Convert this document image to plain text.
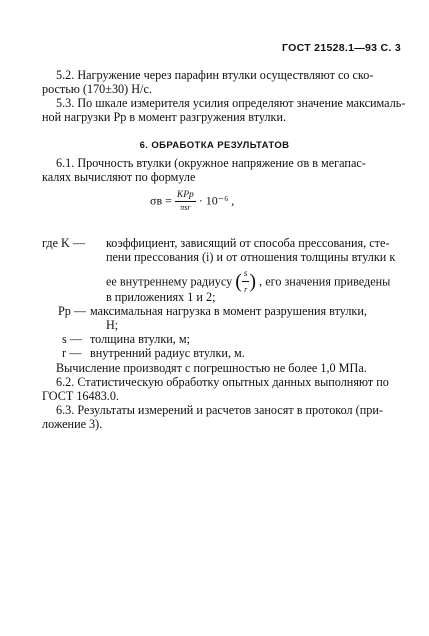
ГОСТ 21528.1—93 С. 3
5.2. Нагружение через парафин втулки осуществляют со ско-
ростью (170±30) Н/с.
5.3. По шкале измерителя усилия определяют значение максималь-
ной нагрузки Pр в момент разгружения втулки.
6. ОБРАБОТКА РЕЗУЛЬТАТОВ
6.1. Прочность втулки (окружное напряжение σв в мегапас-
калях вычисляют по формуле
$\sigma в = \frac{\text{KPр}}{\text{πsr}} \cdot 10^{-6}$ ,
где K — коэффициент, зависящий от способа прессования, сте-
пени прессования (i) и от отношения толщины втулки к
ее внутреннему радиусу ( $\frac{s}{r}$ ) , его значения приведены
в приложениях 1 и 2;
Pр — максимальная нагрузка в момент разрушения втулки,
Н;
s — толщина втулки, м;
r — внутренний радиус втулки, м.
Вычисление производят с погрешностью не более 1,0 МПа.
6.2. Статистическую обработку опытных данных выполняют по
ГОСТ 16483.0.
6.3. Результаты измерений и расчетов заносят в протокол (при-
ложение 3).
